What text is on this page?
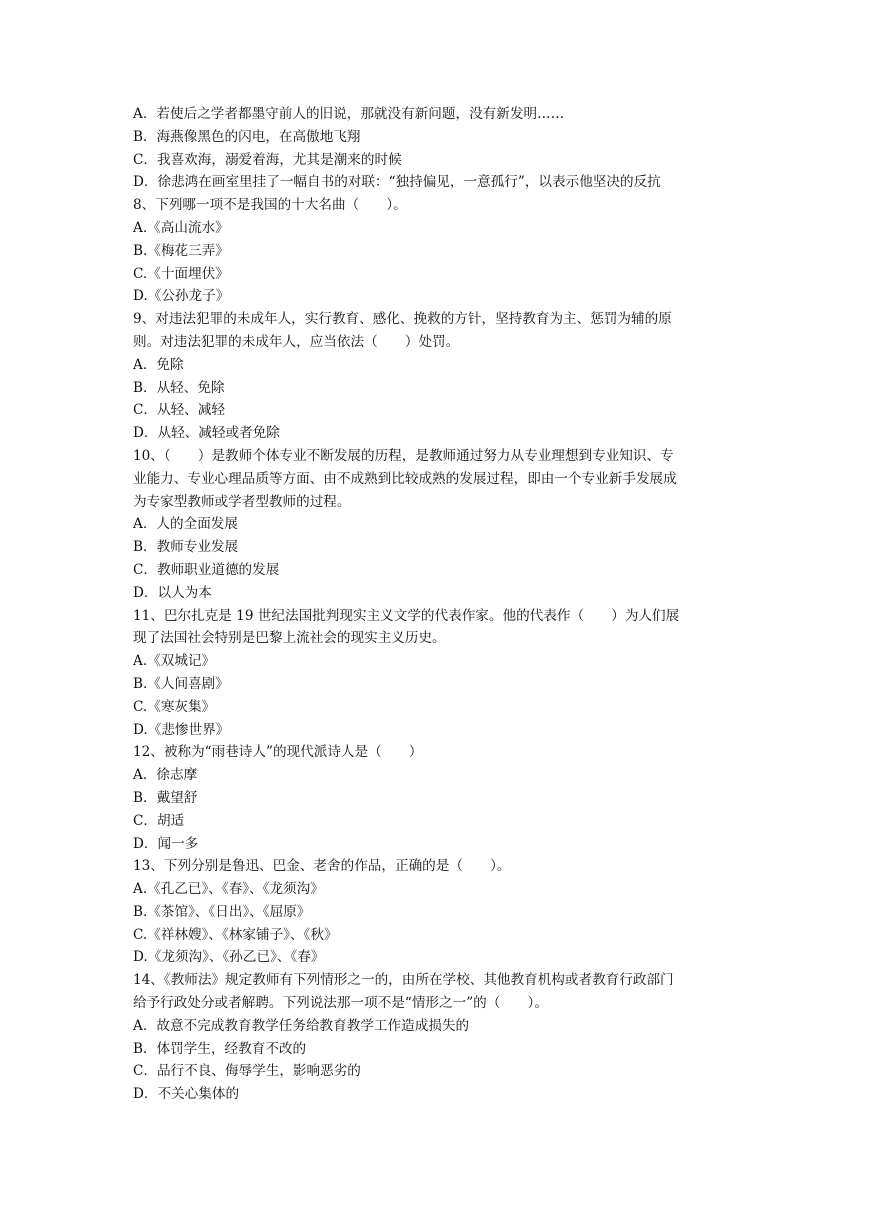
A．若使后之学者都墨守前人的旧说，那就没有新问题，没有新发明……
B．海燕像黑色的闪电，在高傲地飞翔
C．我喜欢海，溺爱着海，尤其是潮来的时候
D．徐悲鸿在画室里挂了一幅自书的对联：“独持偏见，一意孤行”，以表示他坚决的反抗
8、下列哪一项不是我国的十大名曲（　　）。
A.《高山流水》
B.《梅花三弄》
C.《十面埋伏》
D.《公孙龙子》
9、对违法犯罪的未成年人，实行教育、感化、挽救的方针，坚持教育为主、惩罚为辅的原
则。对违法犯罪的未成年人，应当依法（　　）处罚。
A．免除
B．从轻、免除
C．从轻、减轻
D．从轻、减轻或者免除
10、（　　）是教师个体专业不断发展的历程，是教师通过努力从专业理想到专业知识、专
业能力、专业心理品质等方面、由不成熟到比较成熟的发展过程，即由一个专业新手发展成
为专家型教师或学者型教师的过程。
A．人的全面发展
B．教师专业发展
C．教师职业道德的发展
D．以人为本
11、巴尔扎克是 19 世纪法国批判现实主义文学的代表作家。他的代表作（　　）为人们展
现了法国社会特别是巴黎上流社会的现实主义历史。
A.《双城记》
B.《人间喜剧》
C.《寒灰集》
D.《悲惨世界》
12、被称为“雨巷诗人”的现代派诗人是（　　）
A．徐志摩
B．戴望舒
C．胡适
D．闻一多
13、下列分别是鲁迅、巴金、老舍的作品，正确的是（　　）。
A.《孔乙已》、《春》、《龙须沟》
B.《茶馆》、《日出》、《屈原》
C.《祥林嫂》、《林家铺子》、《秋》
D.《龙须沟》、《孙乙已》、《春》
14、《教师法》规定教师有下列情形之一的，由所在学校、其他教育机构或者教育行政部门
给予行政处分或者解聘。下列说法那一项不是“情形之一”的（　　）。
A．故意不完成教育教学任务给教育教学工作造成损失的
B．体罚学生，经教育不改的
C．品行不良、侮辱学生，影响恶劣的
D．不关心集体的
